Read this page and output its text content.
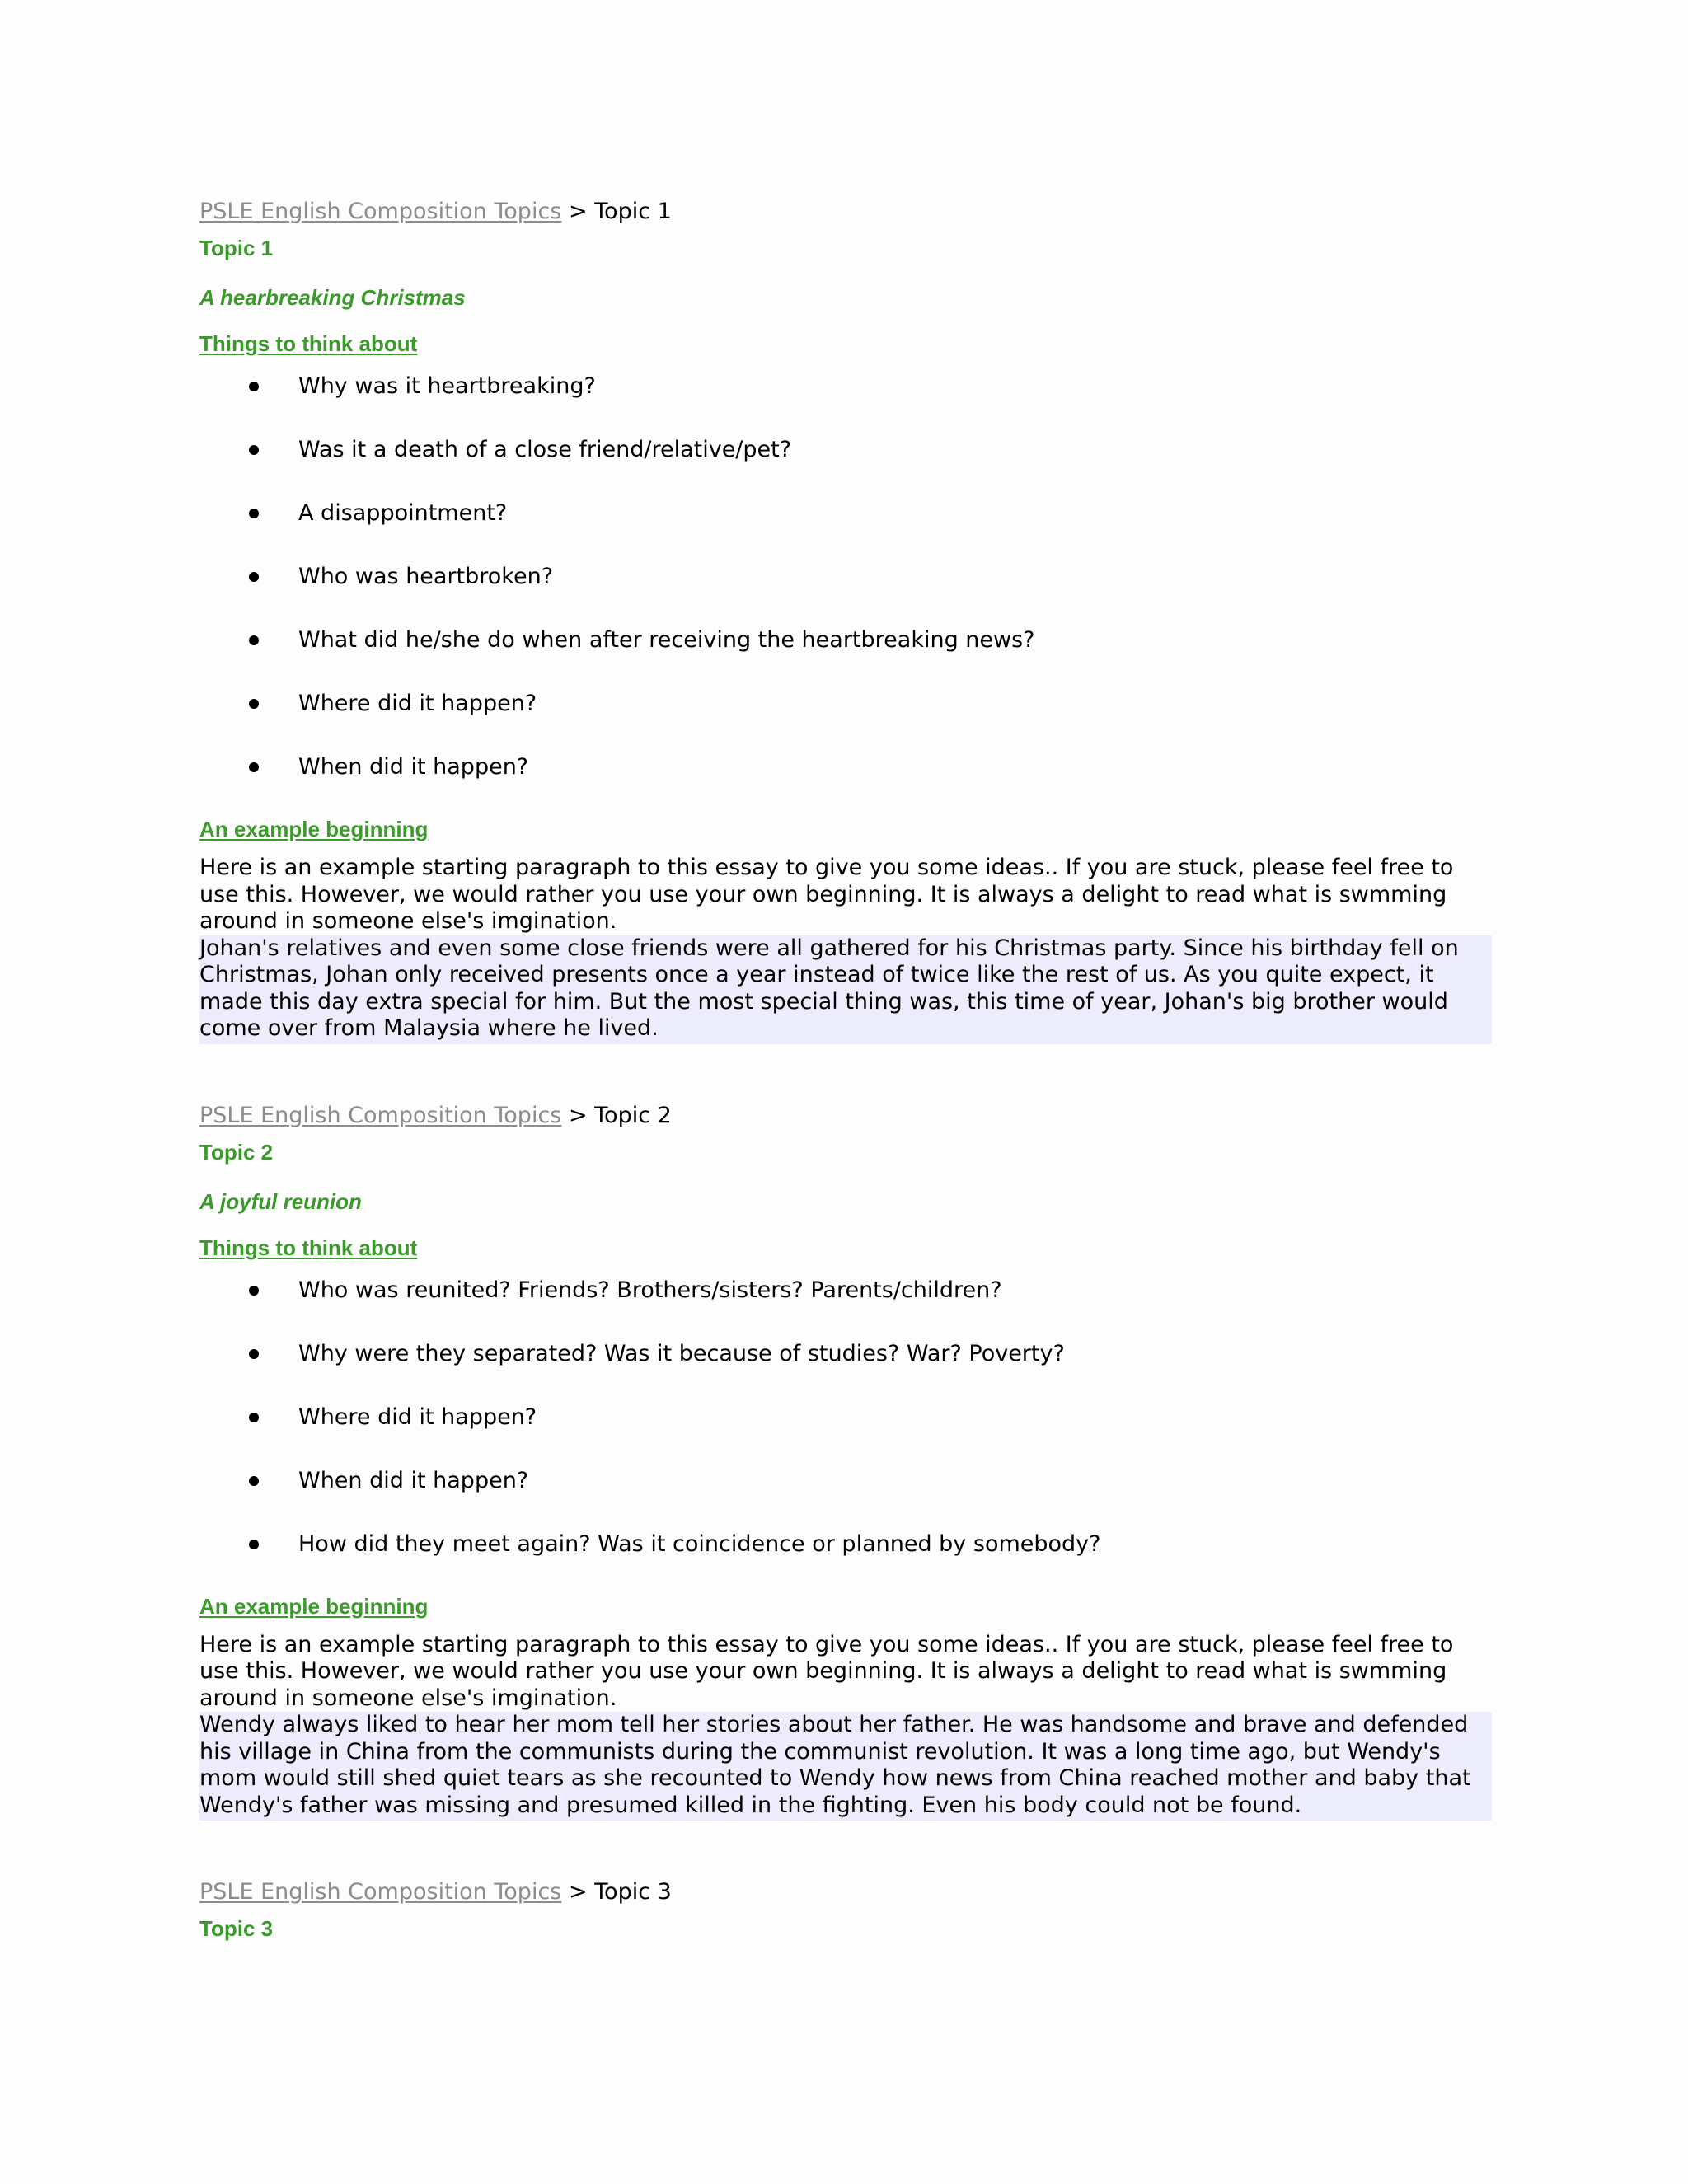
PSLE English Composition Topics > Topic 1

Topic 1
A hearbreaking Christmas
Things to think about
Why was it heartbreaking?
Was it a death of a close friend/relative/pet?
A disappointment?
Who was heartbroken?
What did he/she do when after receiving the heartbreaking news?
Where did it happen?
When did it happen?
An example beginning

Here is an example starting paragraph to this essay to give you some ideas.. If you are stuck, please feel free to use this. However, we would rather you use your own beginning. It is always a delight to read what is swmming around in someone else's imgination.

Johan's relatives and even some close friends were all gathered for his Christmas party. Since his birthday fell on Christmas, Johan only received presents once a year instead of twice like the rest of us. As you quite expect, it made this day extra special for him. But the most special thing was, this time of year, Johan's big brother would come over from Malaysia where he lived.

PSLE English Composition Topics > Topic 2

Topic 2
A joyful reunion
Things to think about
Who was reunited? Friends? Brothers/sisters? Parents/children?
Why were they separated? Was it because of studies? War? Poverty?
Where did it happen?
When did it happen?
How did they meet again? Was it coincidence or planned by somebody?
An example beginning

Here is an example starting paragraph to this essay to give you some ideas.. If you are stuck, please feel free to use this. However, we would rather you use your own beginning. It is always a delight to read what is swmming around in someone else's imgination.

Wendy always liked to hear her mom tell her stories about her father. He was handsome and brave and defended his village in China from the communists during the communist revolution. It was a long time ago, but Wendy's mom would still shed quiet tears as she recounted to Wendy how news from China reached mother and baby that Wendy's father was missing and presumed killed in the fighting. Even his body could not be found.

PSLE English Composition Topics > Topic 3

Topic 3
